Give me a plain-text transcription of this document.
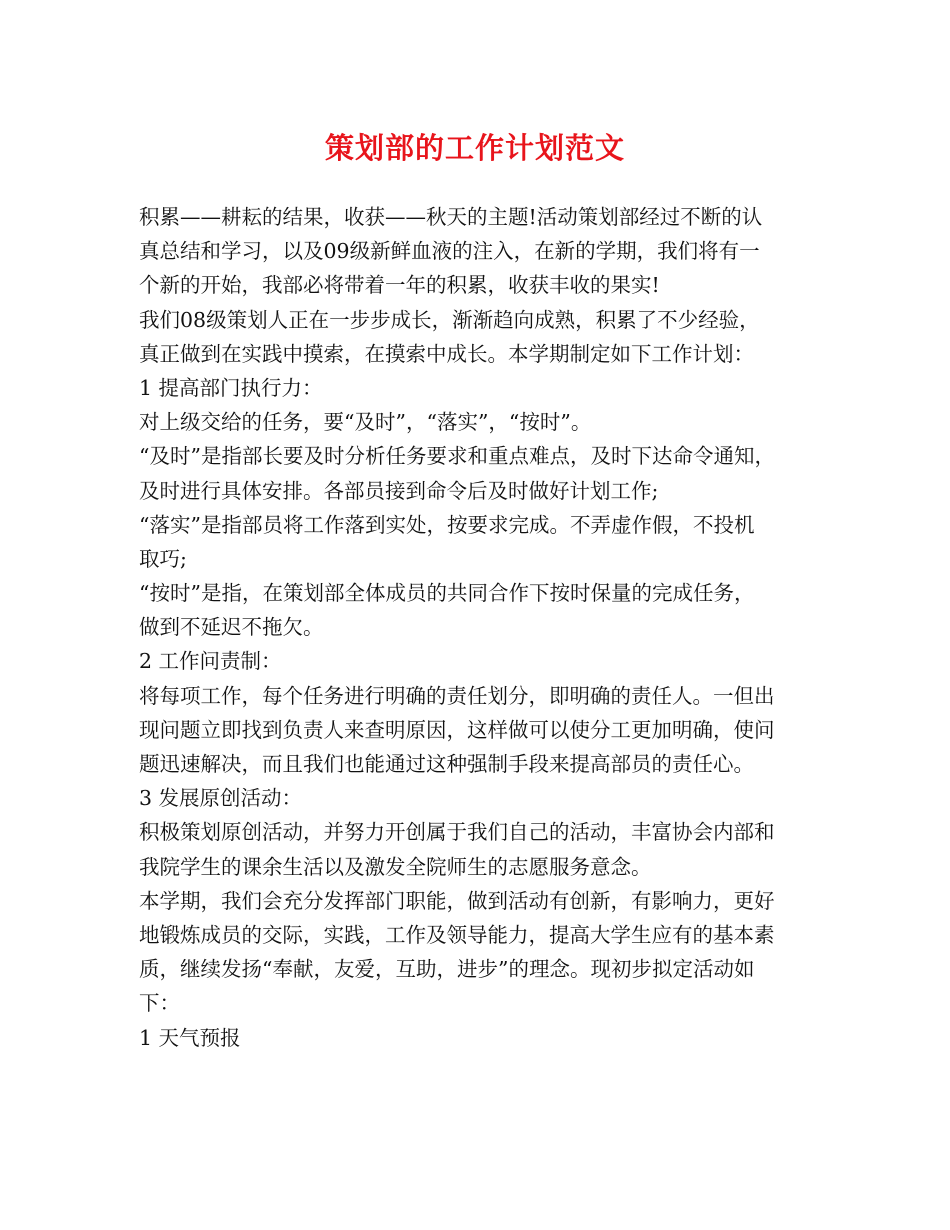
策划部的工作计划范文
积累——耕耘的结果，收获——秋天的主题!活动策划部经过不断的认
真总结和学习，以及09级新鲜血液的注入，在新的学期，我们将有一
个新的开始，我部必将带着一年的积累，收获丰收的果实!
我们08级策划人正在一步步成长，渐渐趋向成熟，积累了不少经验，
真正做到在实践中摸索，在摸索中成长。本学期制定如下工作计划：
1 提高部门执行力：
对上级交给的任务，要“及时”，“落实”，“按时”。
“及时”是指部长要及时分析任务要求和重点难点，及时下达命令通知，
及时进行具体安排。各部员接到命令后及时做好计划工作;
“落实”是指部员将工作落到实处，按要求完成。不弄虚作假，不投机
取巧;
“按时”是指，在策划部全体成员的共同合作下按时保量的完成任务，
做到不延迟不拖欠。
2 工作问责制：
将每项工作，每个任务进行明确的责任划分，即明确的责任人。一但出
现问题立即找到负责人来查明原因，这样做可以使分工更加明确，使问
题迅速解决，而且我们也能通过这种强制手段来提高部员的责任心。
3 发展原创活动：
积极策划原创活动，并努力开创属于我们自己的活动，丰富协会内部和
我院学生的课余生活以及激发全院师生的志愿服务意念。
本学期，我们会充分发挥部门职能，做到活动有创新，有影响力，更好
地锻炼成员的交际，实践，工作及领导能力，提高大学生应有的基本素
质，继续发扬“奉献，友爱，互助，进步”的理念。现初步拟定活动如
下：
1 天气预报
